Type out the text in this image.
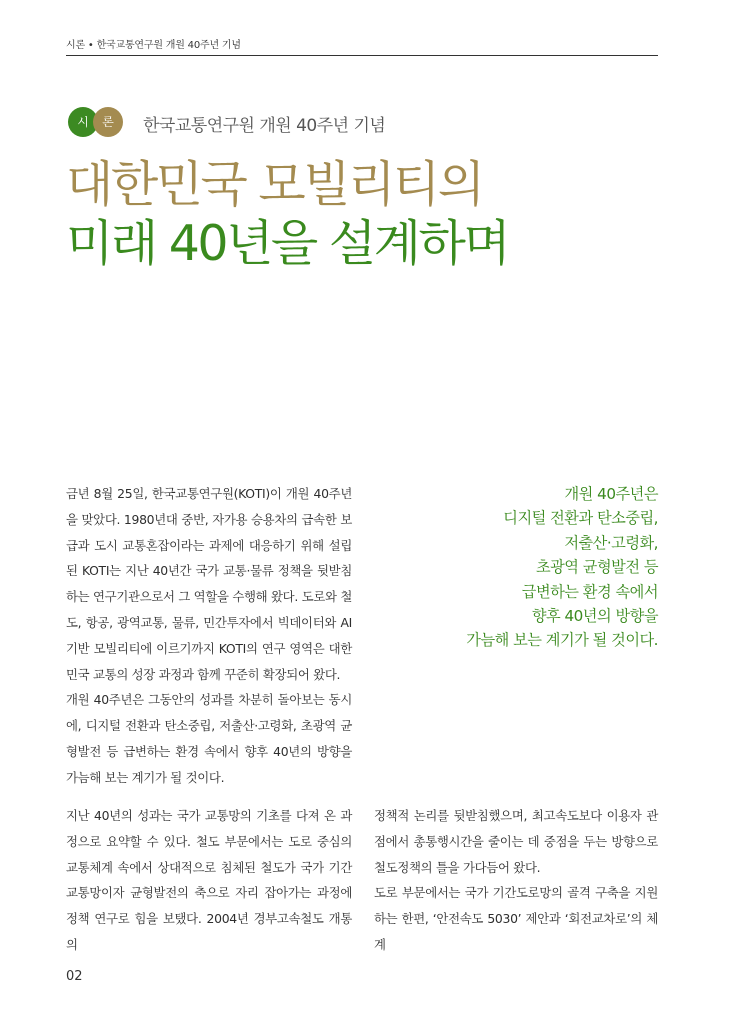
시론 • 한국교통연구원 개원 40주년 기념
시	론	한국교통연구원 개원 40주년 기념
대한민국 모빌리티의
미래 40년을 설계하며

금년 8월 25일, 한국교통연구원(KOTI)이 개원 40주년을 맞았다. 1980년대 중반, 자가용 승용차의 급속한 보급과 도시 교통혼잡이라는 과제에 대응하기 위해 설립된 KOTI는 지난 40년간 국가 교통·물류 정책을 뒷받침하는 연구기관으로서 그 역할을 수행해 왔다. 도로와 철도, 항공, 광역교통, 물류, 민간투자에서 빅데이터와 AI 기반 모빌리티에 이르기까지 KOTI의 연구 영역은 대한민국 교통의 성장 과정과 함께 꾸준히 확장되어 왔다.

개원 40주년은 그동안의 성과를 차분히 돌아보는 동시에, 디지털 전환과 탄소중립, 저출산·고령화, 초광역 균형발전 등 급변하는 환경 속에서 향후 40년의 방향을 가늠해 보는 계기가 될 것이다.

개원 40주년은
디지털 전환과 탄소중립,
저출산·고령화,
초광역 균형발전 등
급변하는 환경 속에서
향후 40년의 방향을
가늠해 보는 계기가 될 것이다.

지난 40년의 성과는 국가 교통망의 기초를 다져 온 과정으로 요약할 수 있다. 철도 부문에서는 도로 중심의 교통체계 속에서 상대적으로 침체된 철도가 국가 기간교통망이자 균형발전의 축으로 자리 잡아가는 과정에 정책 연구로 힘을 보탰다. 2004년 경부고속철도 개통의

정책적 논리를 뒷받침했으며, 최고속도보다 이용자 관점에서 총통행시간을 줄이는 데 중점을 두는 방향으로 철도정책의 틀을 가다듬어 왔다.

도로 부문에서는 국가 기간도로망의 골격 구축을 지원하는 한편, ‘안전속도 5030’ 제안과 ‘회전교차로’의 체계

02
